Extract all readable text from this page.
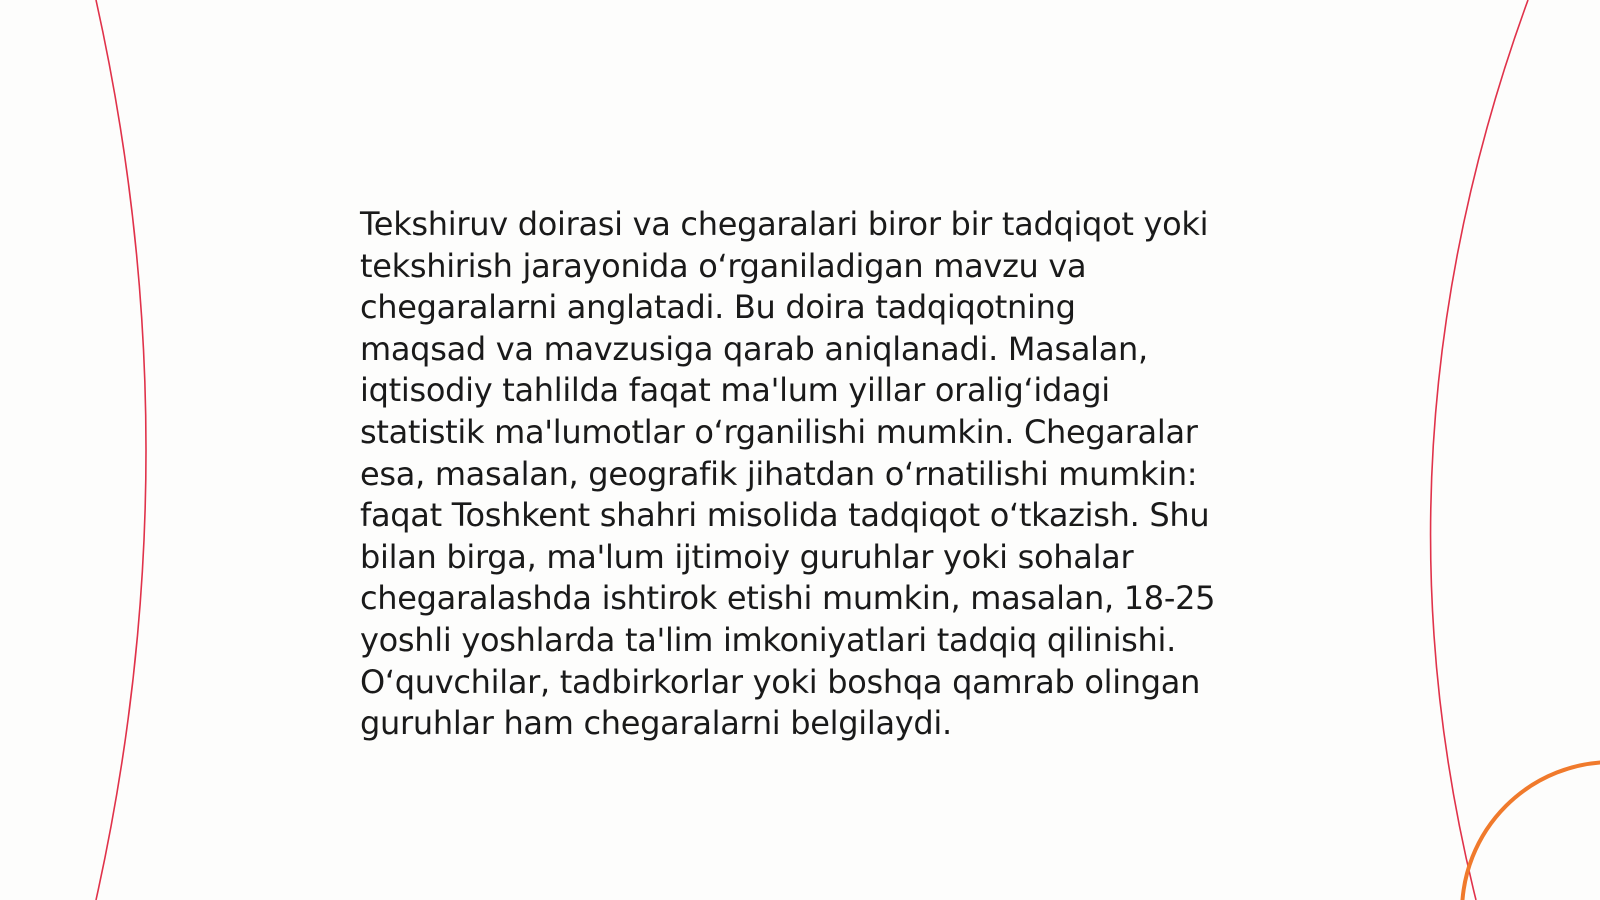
Tekshiruv doirasi va chegaralari biror bir tadqiqot yoki
tekshirish jarayonida o‘rganiladigan mavzu va
chegaralarni anglatadi. Bu doira tadqiqotning
maqsad va mavzusiga qarab aniqlanadi. Masalan,
iqtisodiy tahlilda faqat ma'lum yillar oralig‘idagi
statistik ma'lumotlar o‘rganilishi mumkin. Chegaralar
esa, masalan, geografik jihatdan o‘rnatilishi mumkin:
faqat Toshkent shahri misolida tadqiqot o‘tkazish. Shu
bilan birga, ma'lum ijtimoiy guruhlar yoki sohalar
chegaralashda ishtirok etishi mumkin, masalan, 18-25
yoshli yoshlarda ta'lim imkoniyatlari tadqiq qilinishi.
O‘quvchilar, tadbirkorlar yoki boshqa qamrab olingan
guruhlar ham chegaralarni belgilaydi.
